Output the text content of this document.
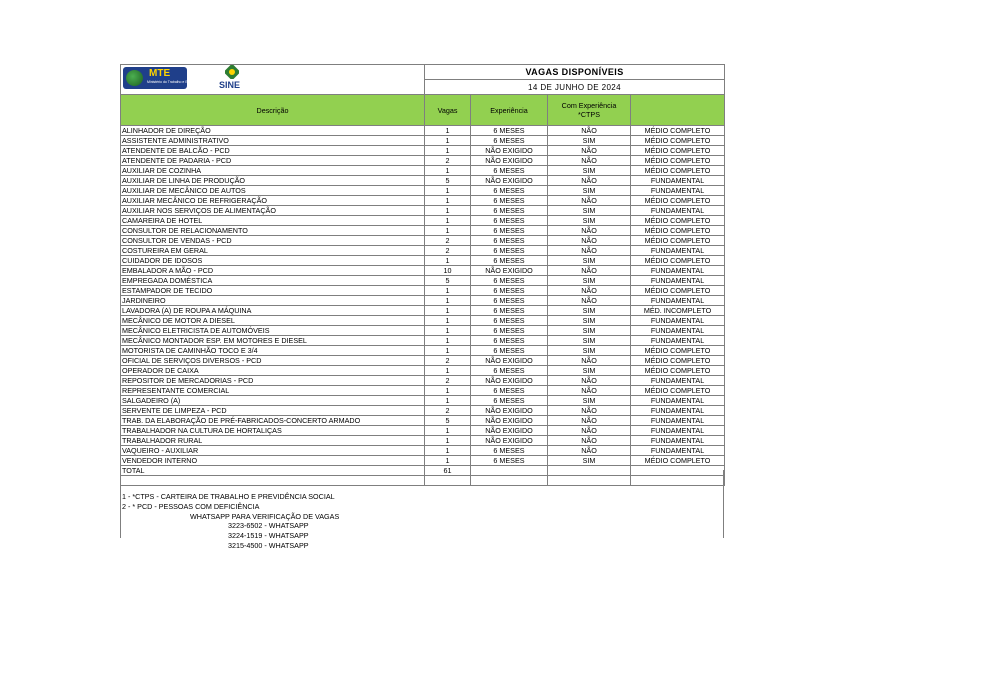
MTE
Ministério do Trabalho e Emprego SINE	VAGAS DISPONÍVEIS			
	14 DE JUNHO DE 2024			
Descrição	Vagas	Experiência	Com Experiência
*CTPS	
ALINHADOR DE DIREÇÃO	1	6 MESES	NÃO	MÉDIO COMPLETO
ASSISTENTE ADMINISTRATIVO	1	6 MESES	SIM	MÉDIO COMPLETO
ATENDENTE DE BALCÃO - PCD	1	NÃO EXIGIDO	NÃO	MÉDIO COMPLETO
ATENDENTE DE PADARIA - PCD	2	NÃO EXIGIDO	NÃO	MÉDIO COMPLETO
AUXILIAR DE COZINHA	1	6 MESES	SIM	MÉDIO COMPLETO
AUXILIAR DE LINHA DE PRODUÇÃO	5	NÃO EXIGIDO	NÃO	FUNDAMENTAL
AUXILIAR DE MECÂNICO DE AUTOS	1	6 MESES	SIM	FUNDAMENTAL
AUXILIAR MECÂNICO DE REFRIGERAÇÃO	1	6 MESES	NÃO	MÉDIO COMPLETO
AUXILIAR NOS SERVIÇOS DE ALIMENTAÇÃO	1	6 MESES	SIM	FUNDAMENTAL
CAMAREIRA DE HOTEL	1	6 MESES	SIM	MÉDIO COMPLETO
CONSULTOR DE RELACIONAMENTO	1	6 MESES	NÃO	MÉDIO COMPLETO
CONSULTOR DE VENDAS - PCD	2	6 MESES	NÃO	MÉDIO COMPLETO
COSTUREIRA EM GERAL	2	6 MESES	NÃO	FUNDAMENTAL
CUIDADOR DE IDOSOS	1	6 MESES	SIM	MÉDIO COMPLETO
EMBALADOR A MÃO - PCD	10	NÃO EXIGIDO	NÃO	FUNDAMENTAL
EMPREGADA DOMÉSTICA	5	6 MESES	SIM	FUNDAMENTAL
ESTAMPADOR DE TECIDO	1	6 MESES	NÃO	MÉDIO COMPLETO
JARDINEIRO	1	6 MESES	NÃO	FUNDAMENTAL
LAVADORA (A) DE ROUPA A MÁQUINA	1	6 MESES	SIM	MÉD. INCOMPLETO
MECÂNICO DE MOTOR A DIESEL	1	6 MESES	SIM	FUNDAMENTAL
MECÂNICO ELETRICISTA DE AUTOMÓVEIS	1	6 MESES	SIM	FUNDAMENTAL
MECÂNICO MONTADOR ESP. EM MOTORES E DIESEL	1	6 MESES	SIM	FUNDAMENTAL
MOTORISTA DE CAMINHÃO TOCO E 3/4	1	6 MESES	SIM	MÉDIO COMPLETO
OFICIAL DE SERVIÇOS DIVERSOS - PCD	2	NÃO EXIGIDO	NÃO	MÉDIO COMPLETO
OPERADOR DE CAIXA	1	6 MESES	SIM	MÉDIO COMPLETO
REPOSITOR DE MERCADORIAS - PCD	2	NÃO EXIGIDO	NÃO	FUNDAMENTAL
REPRESENTANTE COMERCIAL	1	6 MESES	NÃO	MÉDIO COMPLETO
SALGADEIRO (A)	1	6 MESES	SIM	FUNDAMENTAL
SERVENTE DE LIMPEZA - PCD	2	NÃO EXIGIDO	NÃO	FUNDAMENTAL
TRAB. DA ELABORAÇÃO DE PRÉ-FABRICADOS-CONCERTO ARMADO	5	NÃO EXIGIDO	NÃO	FUNDAMENTAL
TRABALHADOR NA CULTURA DE HORTALIÇAS	1	NÃO EXIGIDO	NÃO	FUNDAMENTAL
TRABALHADOR RURAL	1	NÃO EXIGIDO	NÃO	FUNDAMENTAL
VAQUEIRO - AUXILIAR	1	6 MESES	NÃO	FUNDAMENTAL
VENDEDOR INTERNO	1	6 MESES	SIM	MÉDIO COMPLETO
TOTAL	61			

1 - *CTPS - CARTEIRA DE TRABALHO E PREVIDÊNCIA SOCIAL
2 - * PCD - PESSOAS COM DEFICIÊNCIA
WHATSAPP PARA VERIFICAÇÃO DE VAGAS
3223-6502 - WHATSAPP
3224-1519 - WHATSAPP
3215-4500 - WHATSAPP
